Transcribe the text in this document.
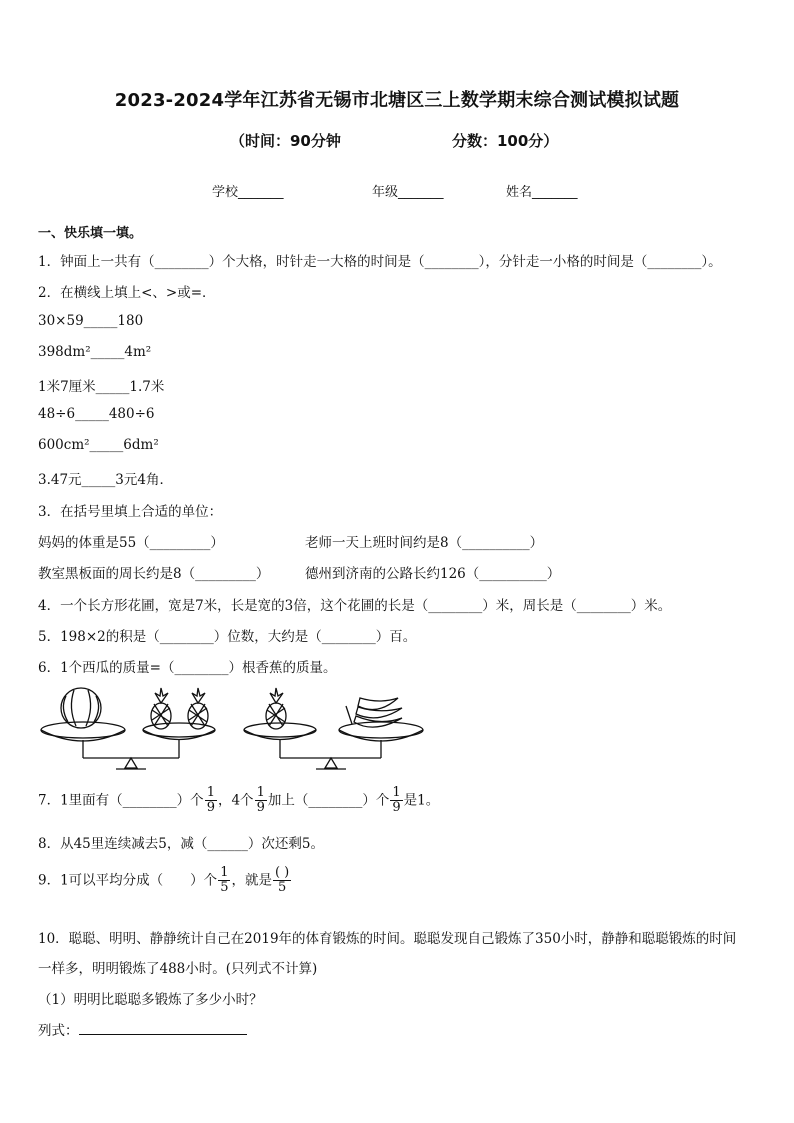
2023-2024学年江苏省无锡市北塘区三上数学期末综合测试模拟试题
（时间：90分钟	分数：100分）
学校_______	年级_______	姓名_______
一、快乐填一填。
1．钟面上一共有（________）个大格，时针走一大格的时间是（________），分针走一小格的时间是（________）。
2．在横线上填上<、>或=．
30×59_____180
398dm²_____4m²
1米7厘米_____1.7米
48÷6_____480÷6
600cm²_____6dm²
3.47元_____3元4角．
3．在括号里填上合适的单位：
妈妈的体重是55（_________）	老师一天上班时间约是8（__________）
教室黑板面的周长约是8（_________）	德州到济南的公路长约126（__________）
4．一个长方形花圃，宽是7米，长是宽的3倍，这个花圃的长是（________）米，周长是（________）米。
5．198×2的积是（________）位数，大约是（________）百。
6．1个西瓜的质量=（________）根香蕉的质量。
7．1里面有（________）个 $\frac{1}{9}$ ，4个 $\frac{1}{9}$ 加上（________）个 $\frac{1}{9}$ 是1。
8．从45里连续减去5，减（______）次还剩5。
9．1可以平均分成（　　）个 $\frac{1}{5}$ ，就是 $\frac{( )}{5}$
10．聪聪、明明、静静统计自己在2019年的体育锻炼的时间。聪聪发现自己锻炼了350小时，静静和聪聪锻炼的时间
一样多，明明锻炼了488小时。(只列式不计算)
（1）明明比聪聪多锻炼了多少小时？
列式：
